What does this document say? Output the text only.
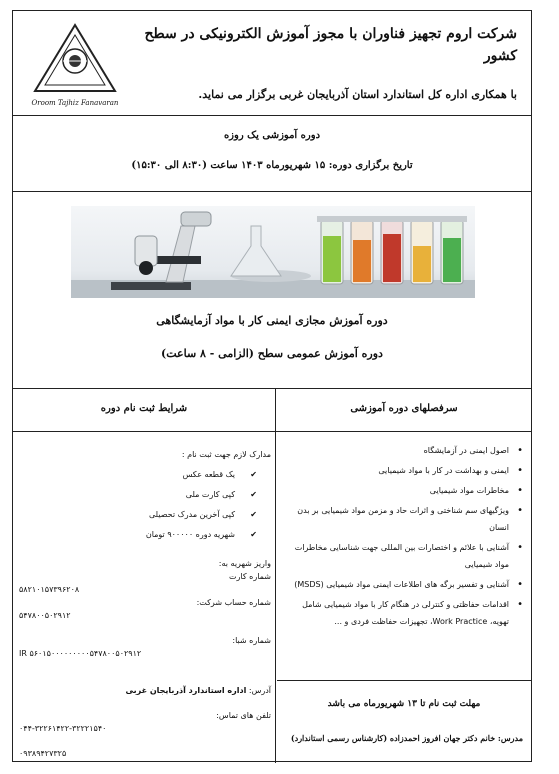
شرکت اروم تجهیز فناوران با مجوز آموزش الکترونیکی در سطح کشور
با همکاری اداره کل استاندارد استان آذربایجان غربی برگزار می نماید.
Oroom Tajhiz Fanavaran
دوره آموزشی یک روزه
تاریخ برگزاری دوره: ۱۵ شهریورماه ۱۴۰۳ ساعت (۸:۳۰ الی ۱۵:۳۰)
دوره آموزش مجازی ایمنی کار با مواد آزمایشگاهی
دوره آموزش عمومی سطح (الزامی - ۸ ساعت)
شرایط ثبت نام دوره	سرفصلهای دوره آموزشی
مدارک لازم جهت ثبت نام :
✔ یک قطعه عکس
✔ کپی کارت ملی
✔ کپی آخرین مدرک تحصیلی
✔ شهریه دوره ۹۰۰۰۰۰ تومان
واریز شهریه به:
شماره کارت
۵۸۲۱۰۱۵۷۳۹۶۲۰۸
شماره حساب شرکت:
۵۴۷۸۰۰۵۰۲۹۱۲
شماره شبا:
IR ۵۶۰۱۵۰۰۰۰۰۰۰۰۰۵۴۷۸۰۰۵۰۲۹۱۲
آدرس: اداره استاندارد آذربایجان غربی
تلفن های تماس:
۰۴۴-۳۲۲۶۱۴۲۲-۳۲۲۲۱۵۴۰
۰۹۳۸۹۴۲۷۳۲۵
• اصول ایمنی در آزمایشگاه
• ایمنی و بهداشت در کار با مواد شیمیایی
• مخاطرات مواد شیمیایی
• ویژگیهای سم شناختی و اثرات حاد و مزمن مواد شیمیایی بر بدن انسان
• آشنایی با علائم و اختصارات بین المللی جهت شناسایی مخاطرات مواد شیمیایی
• آشنایی و تفسیر برگه های اطلاعات ایمنی مواد شیمیایی (MSDS)
• اقدامات حفاظتی و کنترلی در هنگام کار با مواد شیمیایی شامل تهویه، Work Practice، تجهیزات حفاظت فردی و ...
مهلت ثبت نام تا ۱۳ شهریورماه می باشد
مدرس: خانم دکتر جهان افروز احمدزاده (کارشناس رسمی استاندارد)
